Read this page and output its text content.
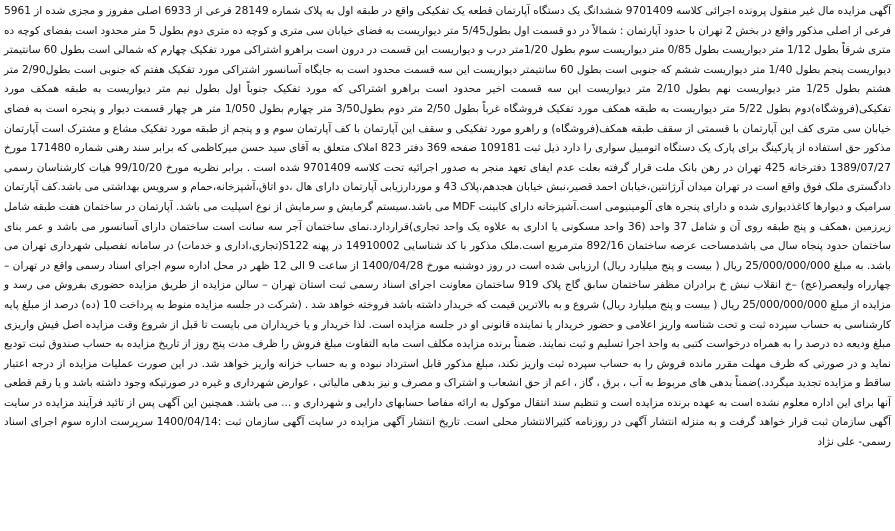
آگهی مزایده مال غیر منقول پرونده اجرائی کلاسه 9701409 ششدانگ یک دستگاه آپارتمان قطعه یک تفکیکی واقع در طبقه اول به پلاک شماره 28149 فرعی از 6933 اصلی مفروز و مجزی شده از 5961 فرعی از اصلی مذکور واقع در بخش 2 تهران با حدود آپارتمان : شمالاً در دو قسمت اول بطول5/45 متر دیواریست به فضای خیابان سی متری و کوچه ده متری دوم بطول 5 متر محدود است بفضای کوچه ده متری شرقاً بطول 1/12 متر دیواریست بطول 0/85 متر دیواریست سوم بطول 1/20متر درب و دیواریست این قسمت در درون است براهرو اشتراکی مورد تفکیک چهارم که شمالی است بطول 60 سانتیمتر دیواریست پنجم بطول 1/40 متر دیواریست ششم که جنوبی است بطول 60 سانتیمتر دیواریست این سه قسمت محدود است به جایگاه آسانسور اشتراکی مورد تفکیک هفتم که جنوبی است بطول2/90 متر هشتم بطول 1/25 متر دیواریست نهم بطول 2/10 متر دیواریست این سه قسمت اخیر محدود است براهرو اشتراکی که مورد تفکیک جنوباً اول بطول نیم متر دیواریست به طبقه همکف مورد تفکیکی(فروشگاه)دوم بطول 5/22 متر دیواریست به طبقه همکف مورد تفکیک فروشگاه غرباً بطول 2/50 متر دوم بطول3/50 متر چهارم بطول 1/050 متر هر چهار قسمت دیوار و پنجره است به فضای خیابان سی متری کف این آپارتمان با قسمتی از سقف طبقه همکف(فروشگاه) و راهرو مورد تفکیکی و سقف این آپارتمان با کف آپارتمان سوم و و پنجم از طبقه مورد تفکیک مشاع و مشترک است آپارتمان مذکور حق استفاده از پارکینگ برای پارک یک دستگاه اتومبیل سواری را دارد ذیل ثبت 109181 صفحه 369 دفتر 823 املاک متعلق به آقای سید حسن میرکاظمی که برابر سند رهنی شماره 171480 مورخ 1389/07/27 دفترخانه 425 تهران در رهن بانک ملت قرار گرفته بعلت عدم ایفای تعهد منجر به صدور اجرائیه تحت کلاسه 9701409 شده است . برابر نظریه مورخ 99/10/20 هیات کارشناسان رسمی دادگستری ملک فوق واقع است در تهران میدان آرژانتین،خیابان احمد قصیر،نبش خیابان هجدهم،پلاک 43 و موردارزیابی آپارتمان دارای هال ،دو اتاق،آشپزخانه،حمام و سرویس بهداشتی می باشد.کف آپارتمان سرامیک و دیوارها کاغذدیواری شده و دارای پنجره های آلومینیومی است.آشپزخانه دارای کابینت MDF می باشد.سیستم گرمایش و سرمایش از نوع اسپلیت می باشد. آپارتمان در ساختمان هفت طبقه شامل زیرزمین ،همکف و پنج طبقه روی آن و شامل 37 واحد (36 واحد مسکونی یا اداری به علاوه یک واحد تجاری)قراردارد.نمای ساختمان آجر سه سانت است ساختمان دارای آسانسور می باشد و عمر بنای ساختمان حدود پنجاه سال می باشدمساحت عرصه ساختمان 892/16 مترمربع است.ملک مذکور با کد شناسایی 14910002 در پهنه S122(تجاری،اداری و خدمات) در سامانه تفصیلی شهرداری تهران می باشد. به مبلغ 25/000/000/000 ریال ( بیست و پنج میلیارد ریال) ارزیابی شده است در روز دوشنبه مورخ 1400/04/28 از ساعت 9 الی 12 ظهر در محل اداره سوم اجرای اسناد رسمی واقع در تهران – چهارراه ولیعصر(عج) –خ انقلاب نبش خ برادران مظفر ساختمان سابق گاج پلاک 919 ساختمان معاونت اجرای اسناد رسمی ثبت استان تهران – سالن مزایده از طریق مزایده حضوری بفروش می رسد و مزایده از مبلغ 25/000/000/000 ریال ( بیست و پنج میلیارد ریال) شروع و به بالاترین قیمت که خریدار داشته باشد فروخته خواهد شد . (شرکت در جلسه مزایده منوط به پرداخت 10 (ده) درصد از مبلغ پایه کارشناسی به حساب سپرده ثبت و تحت شناسه واریز اعلامی و حضور خریدار یا نماینده قانونی او در جلسه مزایده است. لذا خریدار و یا خریداران می بایست تا قبل از شروع وقت مزایده اصل فیش واریزی مبلغ ودیعه ده درصد را به همراه درخواست کتبی به واحد اجرا تسلیم و ثبت نمایند. ضمناً برنده مزایده مکلف است مابه التفاوت مبلغ فروش را ظرف مدت پنج روز از تاریخ مزایده به حساب صندوق ثبت تودیع نماید و در صورتی که ظرف مهلت مقرر مانده فروش را به حساب سپرده ثبت واریز نکند، مبلغ مذکور قابل استرداد نبوده و به حساب خزانه واریز خواهد شد. در این صورت عملیات مزایده از درجه اعتبار ساقط و مزایده تجدید میگردد.)ضمناً بدهی های مربوط به آب ، برق ، گاز ، اعم از حق انشعاب و اشتراک و مصرف و نیز بدهی مالیاتی ، عوارض شهرداری و غیره در صورتیکه وجود داشته باشد و یا رقم قطعی آنها برای این اداره معلوم نشده است به عهده برنده مزایده است و تنظیم سند انتقال موکول به ارائه مفاصا حسابهای دارایی و شهرداری و ... می باشد. همچنین این آگهی پس از تائید فرآیند مزایده در سایت آگهی سازمان ثبت قرار خواهد گرفت و به منزله انتشار آگهی در روزنامه کثیرالانتشار محلی است. تاریخ انتشار آگهی مزایده در سایت آگهی سازمان ثبت :1400/04/14 سرپرست اداره سوم اجرای اسناد رسمی- علی نژاد
